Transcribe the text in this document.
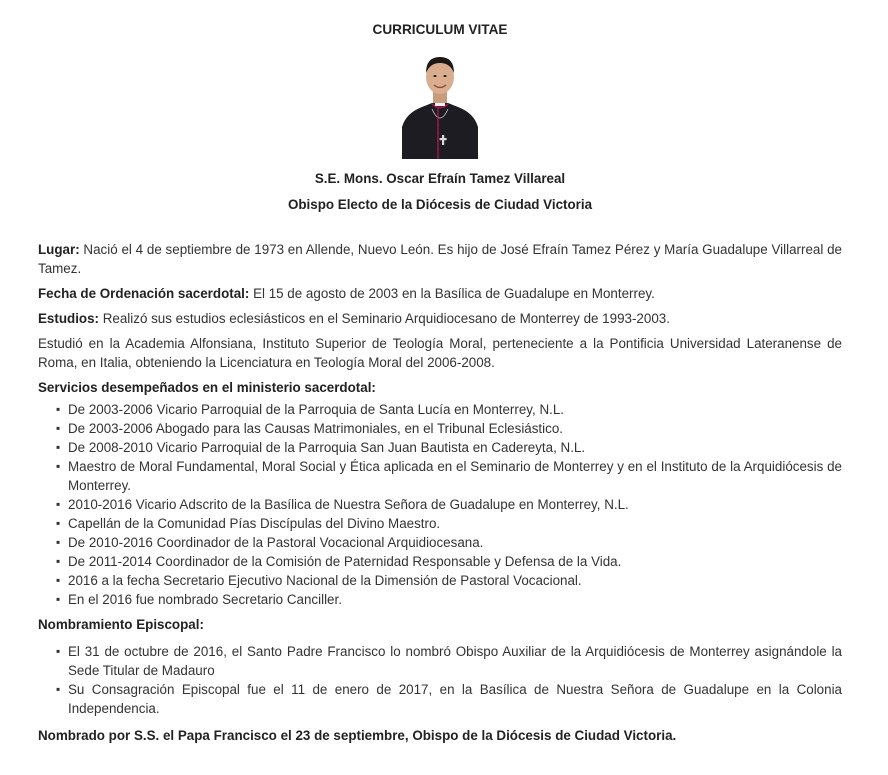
CURRICULUM VITAE
S.E. Mons. Oscar Efraín Tamez Villareal
Obispo Electo de la Diócesis de Ciudad Victoria

Lugar: Nació el 4 de septiembre de 1973 en Allende, Nuevo León. Es hijo de José Efraín Tamez Pérez y María Guadalupe Villarreal de Tamez.

Fecha de Ordenación sacerdotal: El 15 de agosto de 2003 en la Basílica de Guadalupe en Monterrey.

Estudios: Realizó sus estudios eclesiásticos en el Seminario Arquidiocesano de Monterrey de 1993-2003.

Estudió en la Academia Alfonsiana, Instituto Superior de Teología Moral, perteneciente a la Pontificia Universidad Lateranense de Roma, en Italia, obteniendo la Licenciatura en Teología Moral del 2006-2008.

Servicios desempeñados en el ministerio sacerdotal:
▪ De 2003-2006 Vicario Parroquial de la Parroquia de Santa Lucía en Monterrey, N.L.
▪ De 2003-2006 Abogado para las Causas Matrimoniales, en el Tribunal Eclesiástico.
▪ De 2008-2010 Vicario Parroquial de la Parroquia San Juan Bautista en Cadereyta, N.L.
▪ Maestro de Moral Fundamental, Moral Social y Ética aplicada en el Seminario de Monterrey y en el Instituto de la Arquidiócesis de Monterrey.
▪ 2010-2016 Vicario Adscrito de la Basílica de Nuestra Señora de Guadalupe en Monterrey, N.L.
▪ Capellán de la Comunidad Pías Discípulas del Divino Maestro.
▪ De 2010-2016 Coordinador de la Pastoral Vocacional Arquidiocesana.
▪ De 2011-2014 Coordinador de la Comisión de Paternidad Responsable y Defensa de la Vida.
▪ 2016 a la fecha Secretario Ejecutivo Nacional de la Dimensión de Pastoral Vocacional.
▪ En el 2016 fue nombrado Secretario Canciller.
Nombramiento Episcopal:
▪ El 31 de octubre de 2016, el Santo Padre Francisco lo nombró Obispo Auxiliar de la Arquidiócesis de Monterrey asignándole la Sede Titular de Madauro
▪ Su Consagración Episcopal fue el 11 de enero de 2017, en la Basílica de Nuestra Señora de Guadalupe en la Colonia Independencia.

Nombrado por S.S. el Papa Francisco el 23 de septiembre, Obispo de la Diócesis de Ciudad Victoria.
